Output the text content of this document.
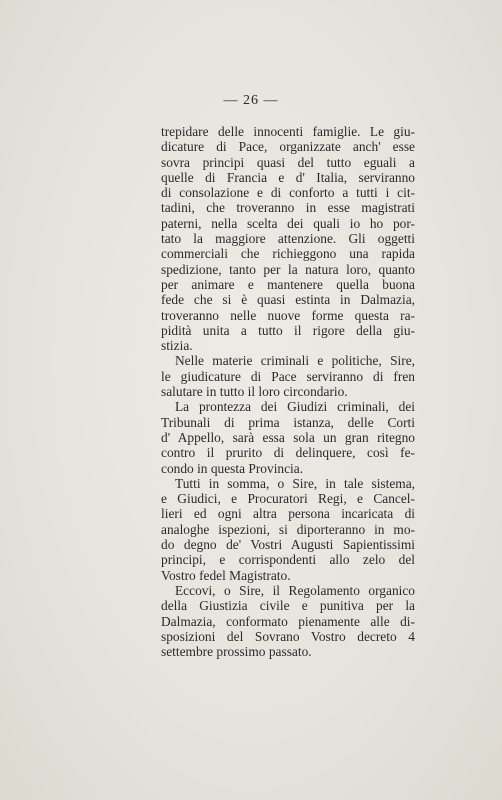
— 26 —

trepidare delle innocenti famiglie. Le giu-
dicature di Pace, organizzate anch' esse
sovra principi quasi del tutto eguali a
quelle di Francia e d' Italia, serviranno
di consolazione e di conforto a tutti i cit-
tadini, che troveranno in esse magistrati
paterni, nella scelta dei quali io ho por-
tato la maggiore attenzione. Gli oggetti
commerciali che richieggono una rapida
spedizione, tanto per la natura loro, quanto
per animare e mantenere quella buona
fede che si è quasi estinta in Dalmazia,
troveranno nelle nuove forme questa ra-
pidità unita a tutto il rigore della giu-
stizia.

Nelle materie criminali e politiche, Sire,
le giudicature di Pace serviranno di fren
salutare in tutto il loro circondario.

La prontezza dei Giudizi criminali, dei
Tribunali di prima istanza, delle Corti
d' Appello, sarà essa sola un gran ritegno
contro il prurito di delinquere, così fe-
condo in questa Provincia.

Tutti in somma, o Sire, in tale sistema,
e Giudici, e Procuratori Regi, e Cancel-
lieri ed ogni altra persona incaricata di
analoghe ispezioni, si diporteranno in mo-
do degno de' Vostri Augusti Sapientissimi
principi, e corrispondenti allo zelo del
Vostro fedel Magistrato.

Eccovi, o Sire, il Regolamento organico
della Giustizia civile e punitiva per la
Dalmazia, conformato pienamente alle di-
sposizioni del Sovrano Vostro decreto 4
settembre prossimo passato.
